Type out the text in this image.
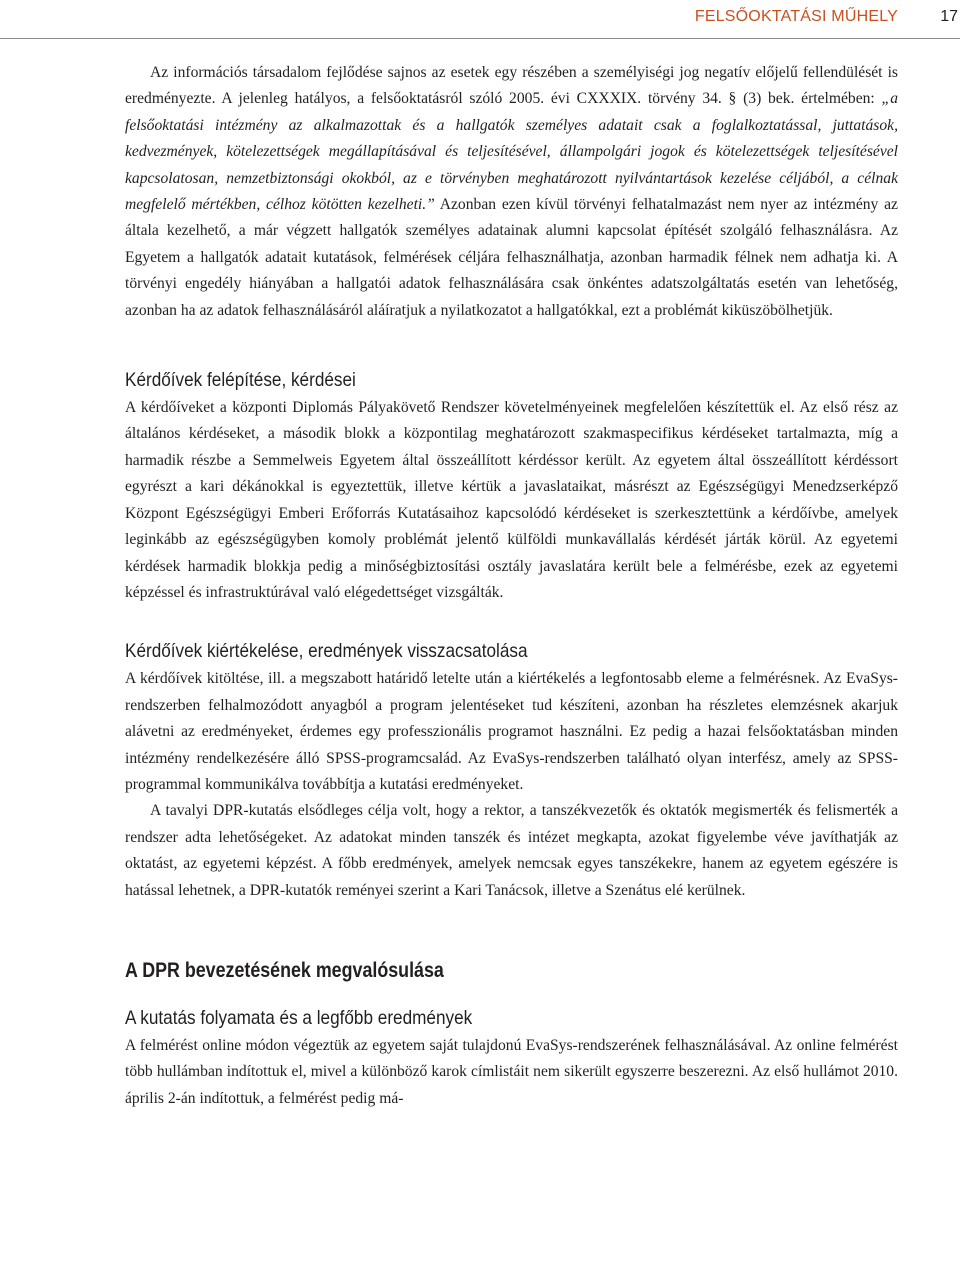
FELSŐOKTATÁSI MŰHELY	17

Az információs társadalom fejlődése sajnos az esetek egy részében a személyiségi jog negatív előjelű fellendülését is eredményezte. A jelenleg hatályos, a felsőoktatásról szóló 2005. évi CXXXIX. törvény 34. § (3) bek. értelmében: „a felsőoktatási intézmény az alkalmazottak és a hallgatók személyes adatait csak a foglalkoztatással, juttatások, kedvezmények, kötelezettségek megállapításával és teljesítésével, állampolgári jogok és kötelezettségek teljesítésével kapcsolatosan, nemzetbiztonsági okokból, az e törvényben meghatározott nyilvántartások kezelése céljából, a célnak megfelelő mértékben, célhoz kötötten kezelheti.” Azonban ezen kívül törvényi felhatalmazást nem nyer az intézmény az általa kezelhető, a már végzett hallgatók személyes adatainak alumni kapcsolat építését szolgáló felhasználásra. Az Egyetem a hallgatók adatait kutatások, felmérések céljára felhasználhatja, azonban harmadik félnek nem adhatja ki. A törvényi engedély hiányában a hallgatói adatok felhasználására csak önkéntes adatszolgáltatás esetén van lehetőség, azonban ha az adatok felhasználásáról aláíratjuk a nyilatkozatot a hallgatókkal, ezt a problémát kiküszöbölhetjük.

Kérdőívek felépítése, kérdései

A kérdőíveket a központi Diplomás Pályakövető Rendszer követelményeinek megfelelően készítettük el. Az első rész az általános kérdéseket, a második blokk a központilag meghatározott szakmaspecifikus kérdéseket tartalmazta, míg a harmadik részbe a Semmelweis Egyetem által összeállított kérdéssor került. Az egyetem által összeállított kérdéssort egyrészt a kari dékánokkal is egyeztettük, illetve kértük a javaslataikat, másrészt az Egészségügyi Menedzserképző Központ Egészségügyi Emberi Erőforrás Kutatásaihoz kapcsolódó kérdéseket is szerkesztettünk a kérdőívbe, amelyek leginkább az egészségügyben komoly problémát jelentő külföldi munkavállalás kérdését járták körül. Az egyetemi kérdések harmadik blokkja pedig a minőségbiztosítási osztály javaslatára került bele a felmérésbe, ezek az egyetemi képzéssel és infrastruktúrával való elégedettséget vizsgálták.

Kérdőívek kiértékelése, eredmények visszacsatolása

A kérdőívek kitöltése, ill. a megszabott határidő letelte után a kiértékelés a legfontosabb eleme a felmérésnek. Az EvaSys-rendszerben felhalmozódott anyagból a program jelentéseket tud készíteni, azonban ha részletes elemzésnek akarjuk alávetni az eredményeket, érdemes egy professzionális programot használni. Ez pedig a hazai felsőoktatásban minden intézmény rendelkezésére álló SPSS-programcsalád. Az EvaSys-rendszerben található olyan interfész, amely az SPSS-programmal kommunikálva továbbítja a kutatási eredményeket.

A tavalyi DPR-kutatás elsődleges célja volt, hogy a rektor, a tanszékvezetők és oktatók megismerték és felismerték a rendszer adta lehetőségeket. Az adatokat minden tanszék és intézet megkapta, azokat figyelembe véve javíthatják az oktatást, az egyetemi képzést. A főbb eredmények, amelyek nemcsak egyes tanszékekre, hanem az egyetem egészére is hatással lehetnek, a DPR-kutatók reményei szerint a Kari Tanácsok, illetve a Szenátus elé kerülnek.

A DPR bevezetésének megvalósulása
A kutatás folyamata és a legfőbb eredmények

A felmérést online módon végeztük az egyetem saját tulajdonú EvaSys-rendszerének felhasználásával. Az online felmérést több hullámban indítottuk el, mivel a különböző karok címlistáit nem sikerült egyszerre beszerezni. Az első hullámot 2010. április 2-án indítottuk, a felmérést pedig má-
